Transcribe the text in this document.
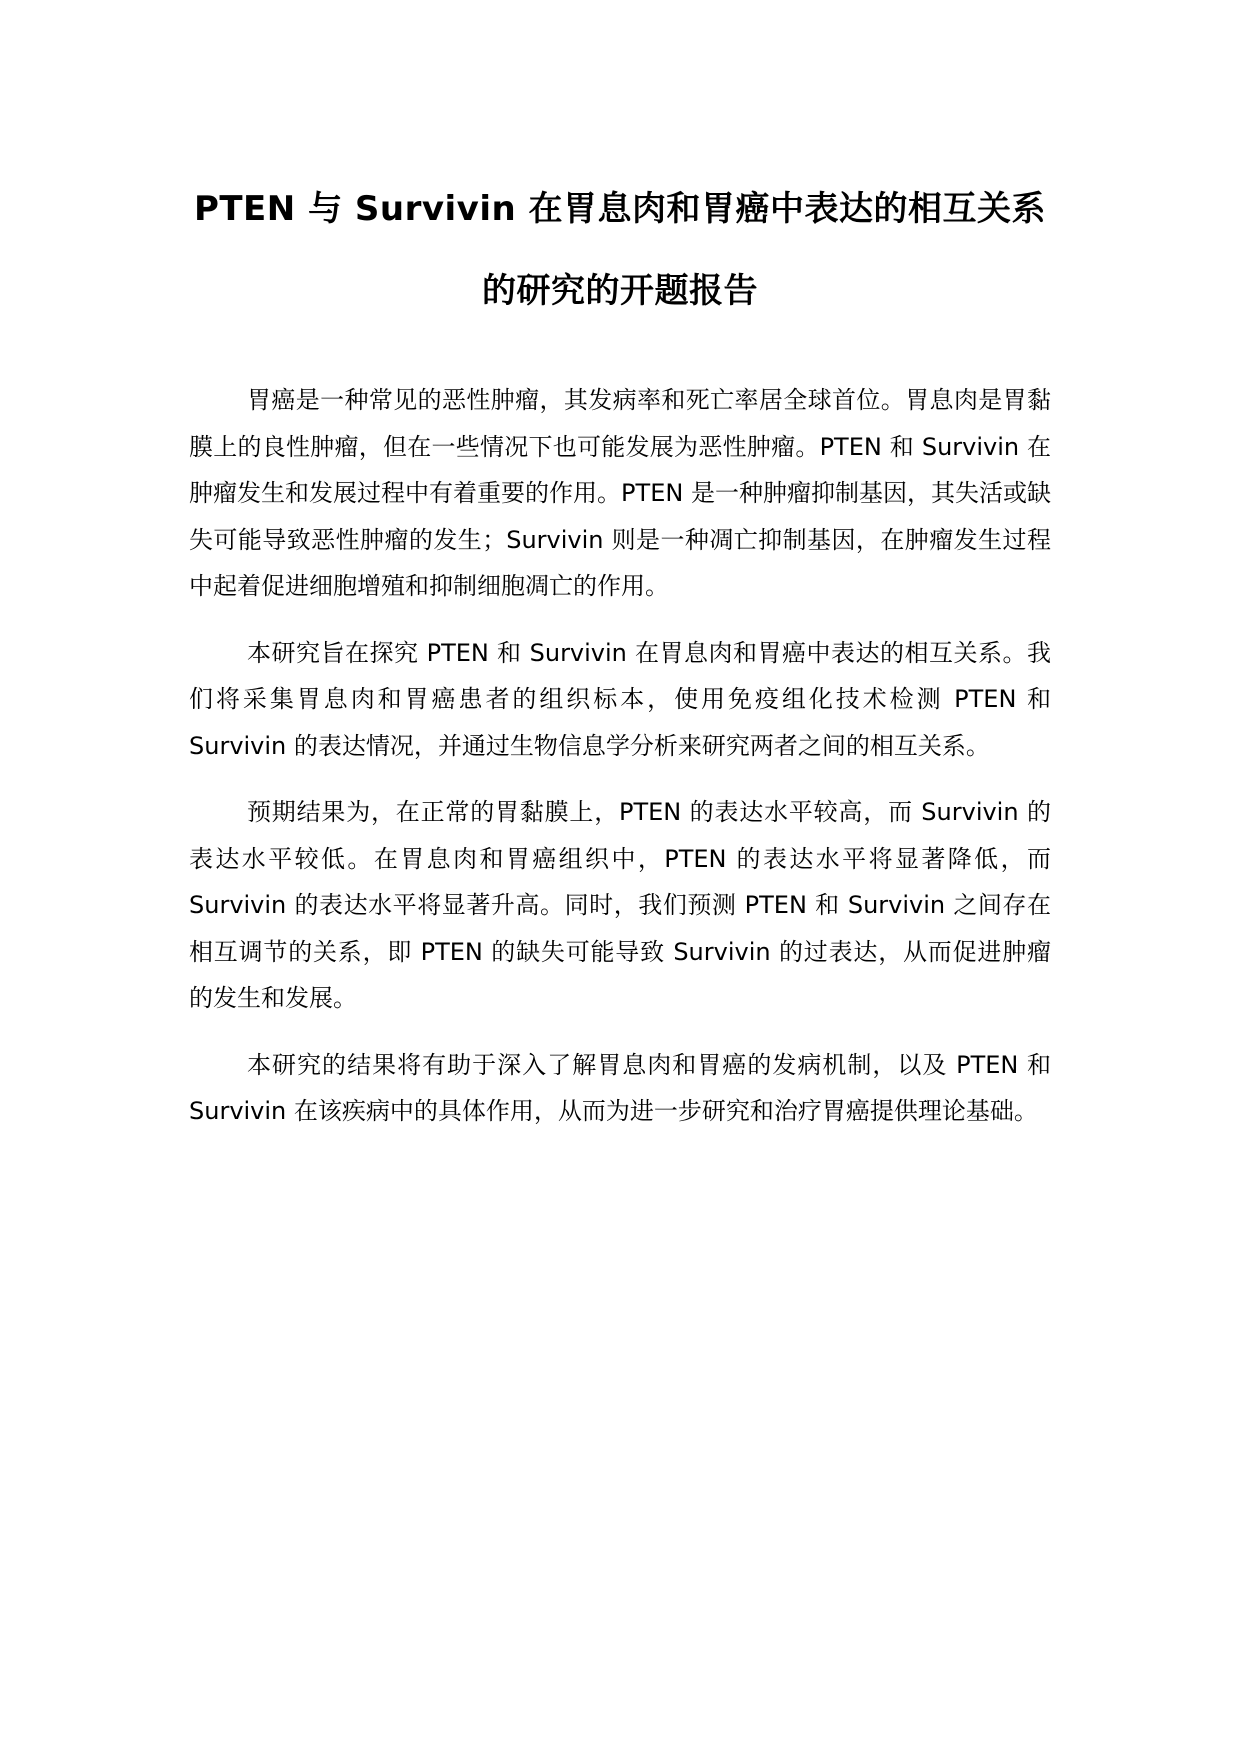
PTEN 与 Survivin 在胃息肉和胃癌中表达的相互关系的研究的开题报告

胃癌是一种常见的恶性肿瘤，其发病率和死亡率居全球首位。胃息肉是胃黏膜上的良性肿瘤，但在一些情况下也可能发展为恶性肿瘤。PTEN 和 Survivin 在肿瘤发生和发展过程中有着重要的作用。PTEN 是一种肿瘤抑制基因，其失活或缺失可能导致恶性肿瘤的发生；Survivin 则是一种凋亡抑制基因，在肿瘤发生过程中起着促进细胞增殖和抑制细胞凋亡的作用。

本研究旨在探究 PTEN 和 Survivin 在胃息肉和胃癌中表达的相互关系。我们将采集胃息肉和胃癌患者的组织标本，使用免疫组化技术检测 PTEN 和 Survivin 的表达情况，并通过生物信息学分析来研究两者之间的相互关系。

预期结果为，在正常的胃黏膜上，PTEN 的表达水平较高，而 Survivin 的表达水平较低。在胃息肉和胃癌组织中，PTEN 的表达水平将显著降低，而 Survivin 的表达水平将显著升高。同时，我们预测 PTEN 和 Survivin 之间存在相互调节的关系，即 PTEN 的缺失可能导致 Survivin 的过表达，从而促进肿瘤的发生和发展。

本研究的结果将有助于深入了解胃息肉和胃癌的发病机制，以及 PTEN 和 Survivin 在该疾病中的具体作用，从而为进一步研究和治疗胃癌提供理论基础。
